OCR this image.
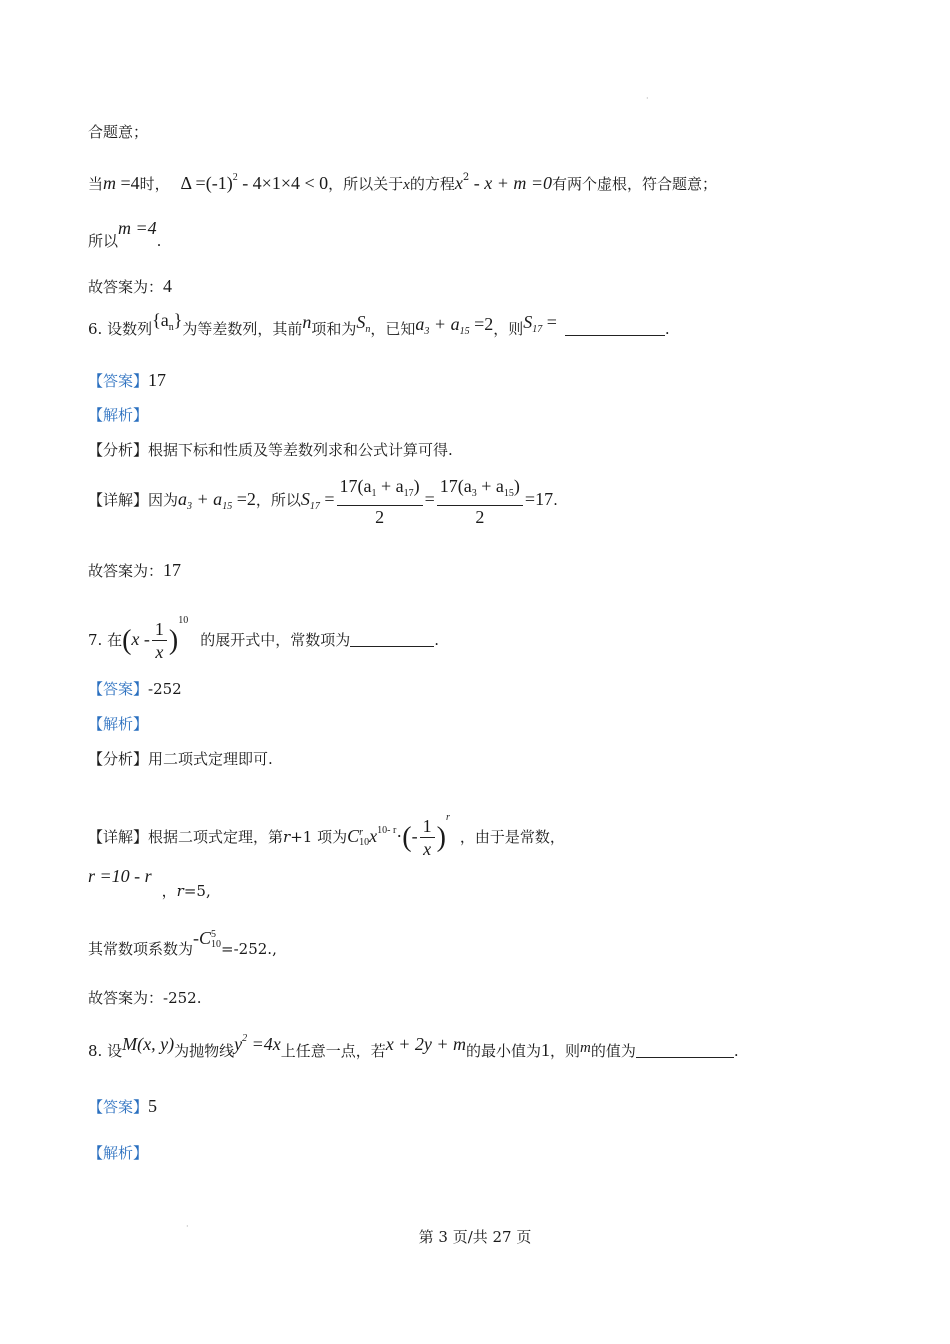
·
·
合题意；
当m =4时， $\Delta =(-1)^2 - 4\times 1\times 4 < 0$，所以关于x的方程$x^2 - x + m =0$有两个虚根，符合题意；
所以m =4.
故答案为：4
6. 设数列$\{a_n\}$为等差数列，其前n项和为$S_n$，已知$a_3 + a_{15} =2$，则$S_{17}$ =	.
【答案】17
【解析】
【分析】根据下标和性质及等差数列求和公式计算可得.
【详解】因为$a_3 + a_{15} =2$，所以$S_{17} = \frac{17(a_1 + a_{17})}{2} = \frac{17(a_3 + a_{15})}{2} =17$.
故答案为：17
7. 在$(x - \frac{1}{x} )^{10}$的展开式中，常数项为	.
【答案】-252
【解析】
【分析】用二项式定理即可.
【详解】根据二项式定理，第r+1 项为C r
10 $x^{10- r}\cdot(- \frac{1}{x} )^r$，由于是常数，
r =10 - r，r=5,
其常数项系数为-C 5
10 =-252.,
故答案为：-252.
8. 设M(x, y)为抛物线$y^2 =4x$上任意一点，若x + 2y + m的最小值为1，则m的值为	.
【答案】5
【解析】
第 3 页/共 27 页
